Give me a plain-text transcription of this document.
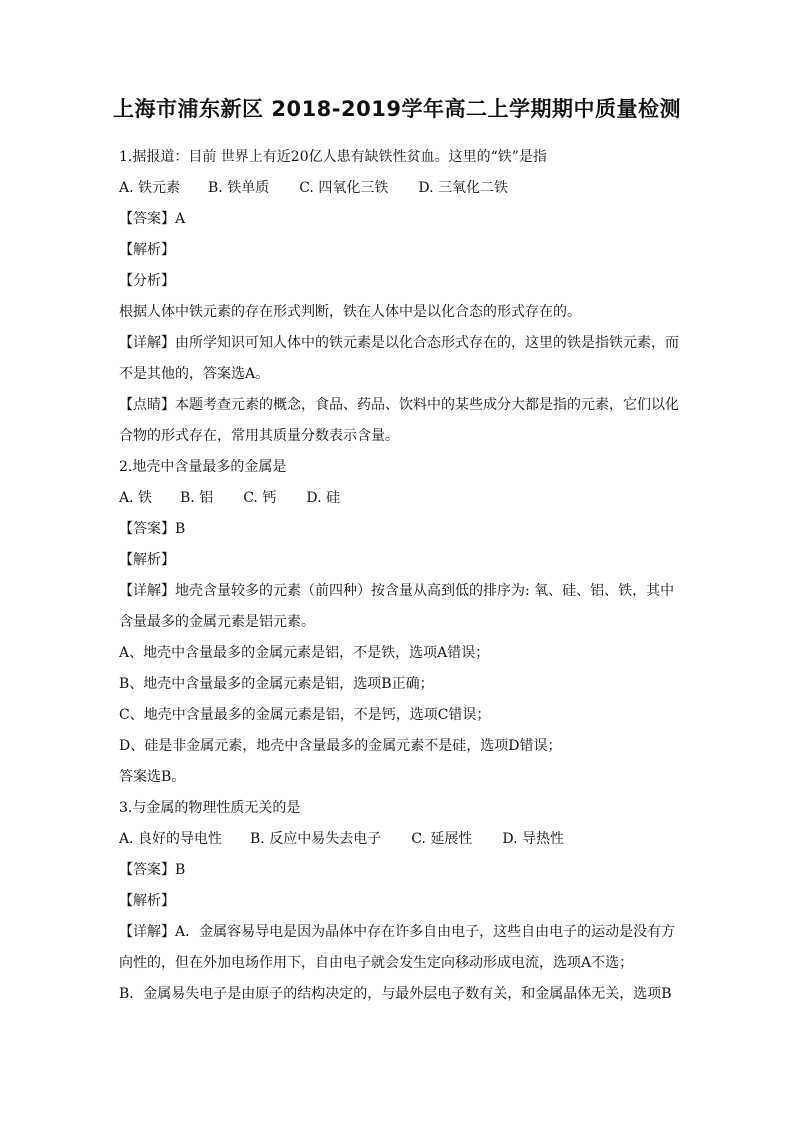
上海市浦东新区 2018-2019学年高二上学期期中质量检测

1.据报道：目前 世界上有近20亿人患有缺铁性贫血。这里的“铁”是指

A. 铁元素 B. 铁单质 C. 四氧化三铁 D. 三氧化二铁

【答案】A

【解析】

【分析】

根据人体中铁元素的存在形式判断，铁在人体中是以化合态的形式存在的。

【详解】由所学知识可知人体中的铁元素是以化合态形式存在的，这里的铁是指铁元素，而

不是其他的，答案选A。

【点睛】本题考查元素的概念，食品、药品、饮料中的某些成分大都是指的元素，它们以化

合物的形式存在，常用其质量分数表示含量。

2.地壳中含量最多的金属是

A. 铁 B. 铝 C. 钙 D. 硅

【答案】B

【解析】

【详解】地壳含量较多的元素（前四种）按含量从高到低的排序为: 氧、硅、铝、铁，其中

含量最多的金属元素是铝元素。

A、地壳中含量最多的金属元素是铝，不是铁，选项A错误；

B、地壳中含量最多的金属元素是铝，选项B正确；

C、地壳中含量最多的金属元素是铝，不是钙，选项C错误；

D、硅是非金属元素，地壳中含量最多的金属元素不是硅，选项D错误；

答案选B。

3.与金属的物理性质无关的是

A. 良好的导电性 B. 反应中易失去电子 C. 延展性 D. 导热性

【答案】B

【解析】

【详解】A．金属容易导电是因为晶体中存在许多自由电子，这些自由电子的运动是没有方

向性的，但在外加电场作用下，自由电子就会发生定向移动形成电流，选项A不选；

B．金属易失电子是由原子的结构决定的，与最外层电子数有关，和金属晶体无关，选项B
